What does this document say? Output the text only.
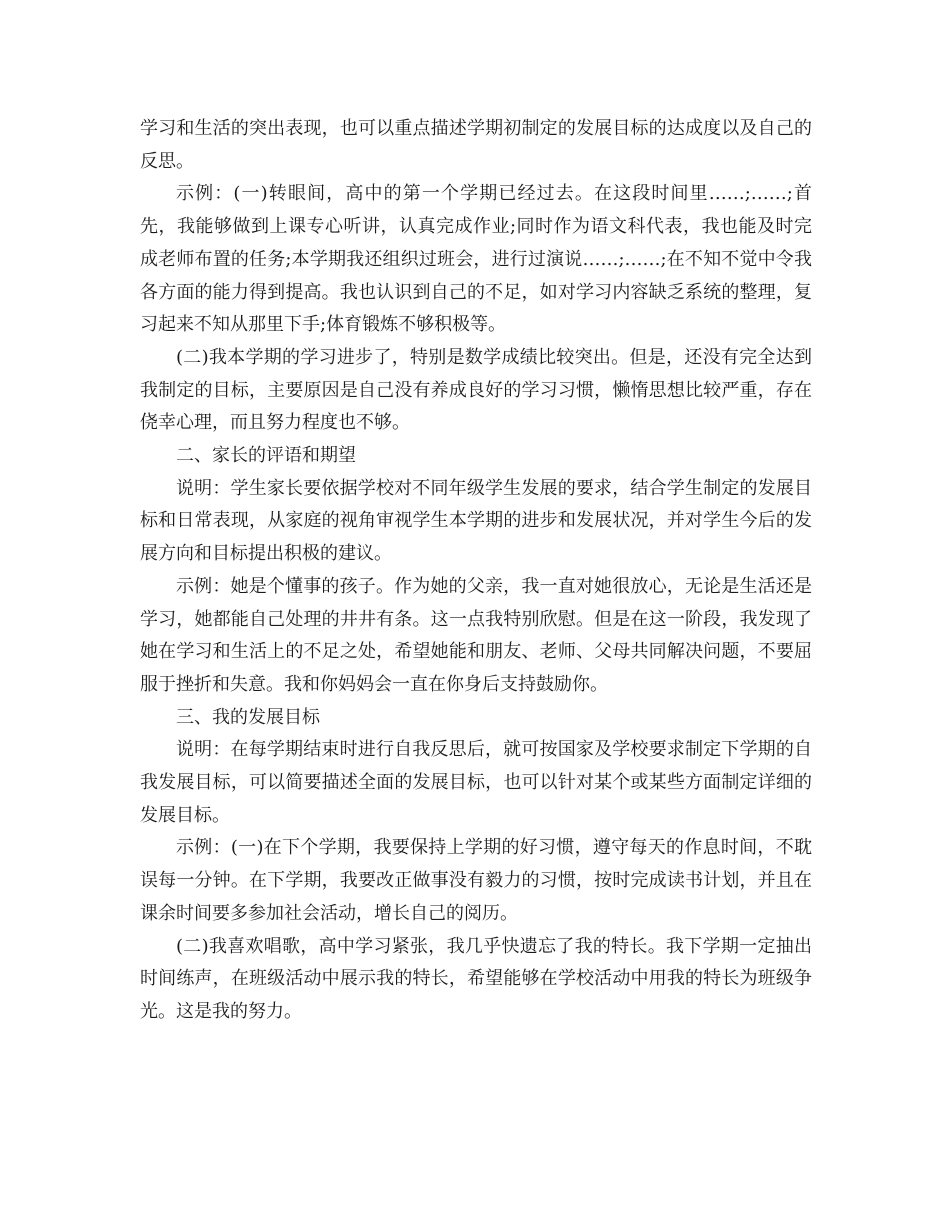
学习和生活的突出表现，也可以重点描述学期初制定的发展目标的达成度以及自己的反思。

示例：(一)转眼间，高中的第一个学期已经过去。在这段时间里……;……;首先，我能够做到上课专心听讲，认真完成作业;同时作为语文科代表，我也能及时完成老师布置的任务;本学期我还组织过班会，进行过演说……;……;在不知不觉中令我各方面的能力得到提高。我也认识到自己的不足，如对学习内容缺乏系统的整理，复习起来不知从那里下手;体育锻炼不够积极等。

(二)我本学期的学习进步了，特别是数学成绩比较突出。但是，还没有完全达到我制定的目标，主要原因是自己没有养成良好的学习习惯，懒惰思想比较严重，存在侥幸心理，而且努力程度也不够。

二、家长的评语和期望

说明：学生家长要依据学校对不同年级学生发展的要求，结合学生制定的发展目标和日常表现，从家庭的视角审视学生本学期的进步和发展状况，并对学生今后的发展方向和目标提出积极的建议。

示例：她是个懂事的孩子。作为她的父亲，我一直对她很放心，无论是生活还是学习，她都能自己处理的井井有条。这一点我特别欣慰。但是在这一阶段，我发现了她在学习和生活上的不足之处，希望她能和朋友、老师、父母共同解决问题，不要屈服于挫折和失意。我和你妈妈会一直在你身后支持鼓励你。

三、我的发展目标

说明：在每学期结束时进行自我反思后，就可按国家及学校要求制定下学期的自我发展目标，可以简要描述全面的发展目标，也可以针对某个或某些方面制定详细的发展目标。

示例：(一)在下个学期，我要保持上学期的好习惯，遵守每天的作息时间，不耽误每一分钟。在下学期，我要改正做事没有毅力的习惯，按时完成读书计划，并且在课余时间要多参加社会活动，增长自己的阅历。

(二)我喜欢唱歌，高中学习紧张，我几乎快遗忘了我的特长。我下学期一定抽出时间练声，在班级活动中展示我的特长，希望能够在学校活动中用我的特长为班级争光。这是我的努力。
